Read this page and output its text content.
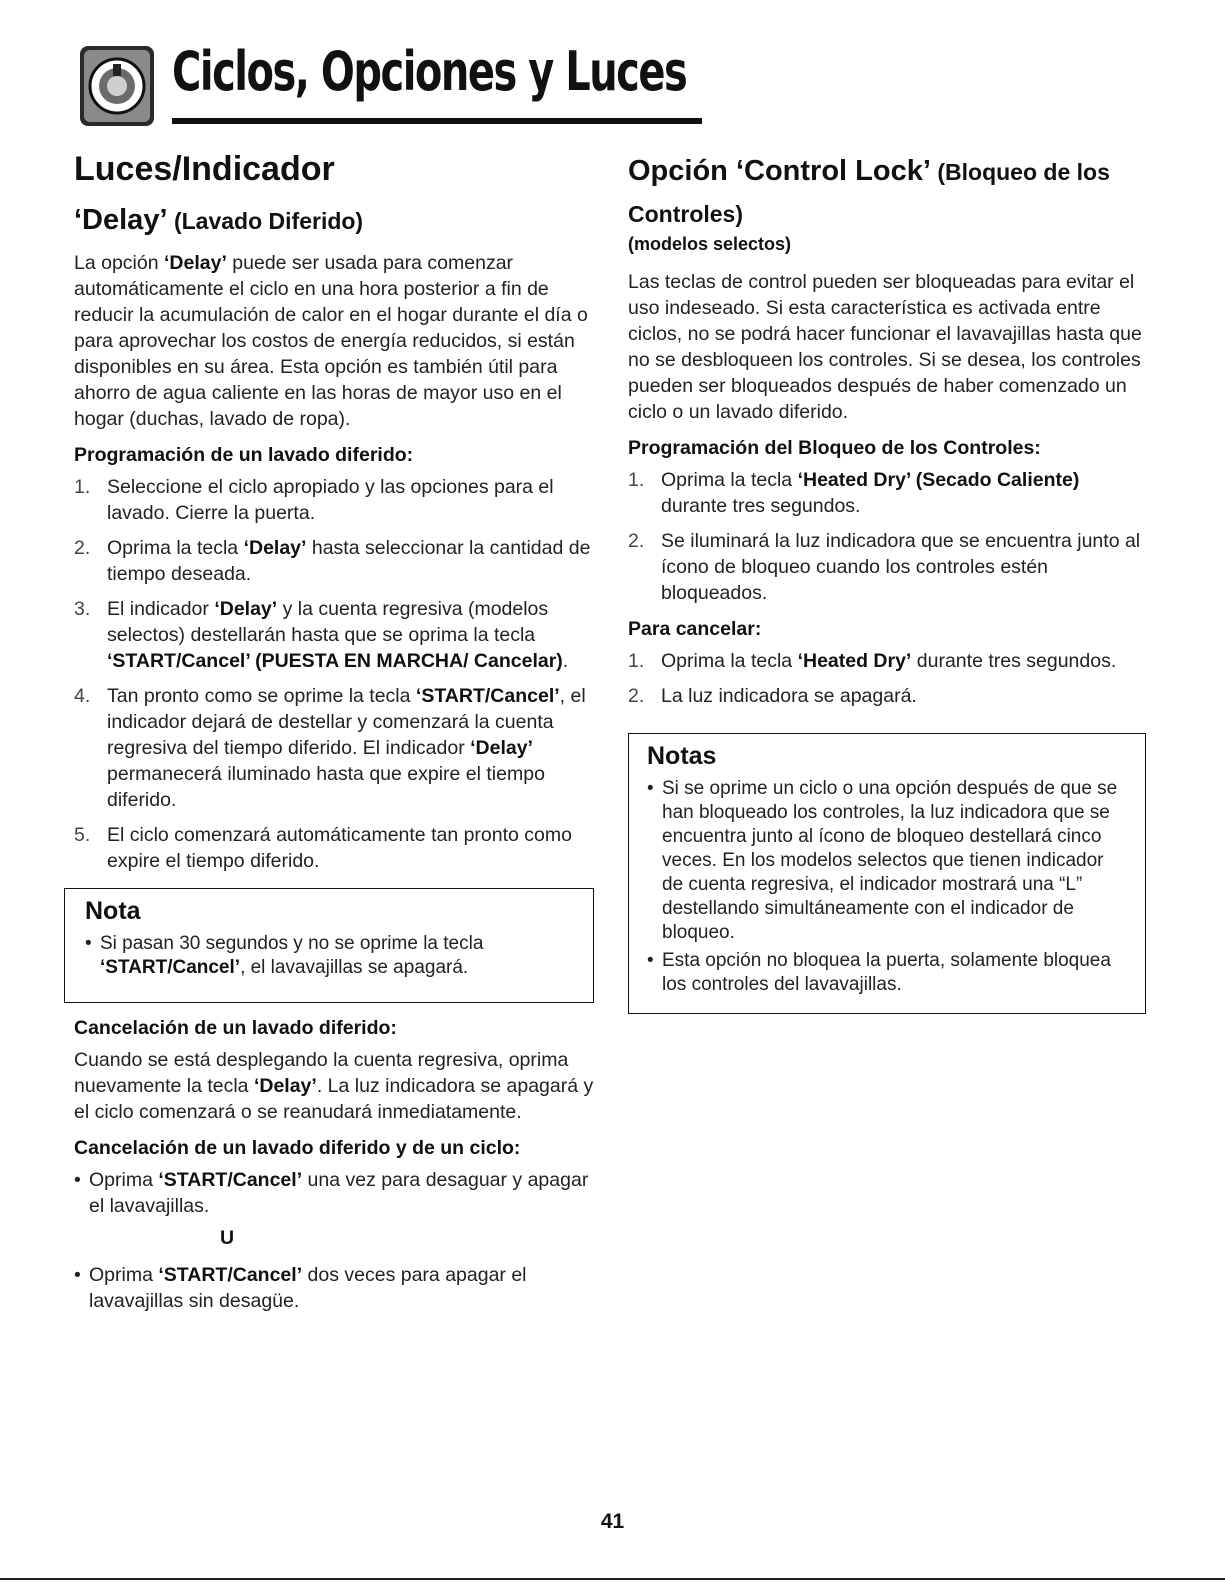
Ciclos, Opciones y Luces
Luces/Indicador
‘Delay’ (Lavado Diferido)

La opción ‘Delay’ puede ser usada para comenzar automáticamente el ciclo en una hora posterior a fin de reducir la acumulación de calor en el hogar durante el día o para aprovechar los costos de energía reducidos, si están disponibles en su área. Esta opción es también útil para ahorro de agua caliente en las horas de mayor uso en el hogar (duchas, lavado de ropa).

Programación de un lavado diferido:
1. Seleccione el ciclo apropiado y las opciones para el lavado. Cierre la puerta.
2. Oprima la tecla ‘Delay’ hasta seleccionar la cantidad de tiempo deseada.
3. El indicador ‘Delay’ y la cuenta regresiva (modelos selectos) destellarán hasta que se oprima la tecla ‘START/Cancel’ (PUESTA EN MARCHA/ Cancelar).
4. Tan pronto como se oprime la tecla ‘START/Cancel’, el indicador dejará de destellar y comenzará la cuenta regresiva del tiempo diferido. El indicador ‘Delay’ permanecerá iluminado hasta que expire el tiempo diferido.
5. El ciclo comenzará automáticamente tan pronto como expire el tiempo diferido.
Nota
• Si pasan 30 segundos y no se oprime la tecla ‘START/Cancel’, el lavavajillas se apagará.
Cancelación de un lavado diferido:

Cuando se está desplegando la cuenta regresiva, oprima nuevamente la tecla ‘Delay’. La luz indicadora se apagará y el ciclo comenzará o se reanudará inmediatamente.

Cancelación de un lavado diferido y de un ciclo:
• Oprima ‘START/Cancel’ una vez para desaguar y apagar el lavavajillas.
U
• Oprima ‘START/Cancel’ dos veces para apagar el lavavajillas sin desagüe.
Opción ‘Control Lock’ (Bloqueo de los Controles)
(modelos selectos)

Las teclas de control pueden ser bloqueadas para evitar el uso indeseado. Si esta característica es activada entre ciclos, no se podrá hacer funcionar el lavavajillas hasta que no se desbloqueen los controles. Si se desea, los controles pueden ser bloqueados después de haber comenzado un ciclo o un lavado diferido.

Programación del Bloqueo de los Controles:
1. Oprima la tecla ‘Heated Dry’ (Secado Caliente) durante tres segundos.
2. Se iluminará la luz indicadora que se encuentra junto al ícono de bloqueo cuando los controles estén bloqueados.
Para cancelar:
1. Oprima la tecla ‘Heated Dry’ durante tres segundos.
2. La luz indicadora se apagará.
Notas
• Si se oprime un ciclo o una opción después de que se han bloqueado los controles, la luz indicadora que se encuentra junto al ícono de bloqueo destellará cinco veces. En los modelos selectos que tienen indicador de cuenta regresiva, el indicador mostrará una “L” destellando simultáneamente con el indicador de bloqueo.
• Esta opción no bloquea la puerta, solamente bloquea los controles del lavavajillas.
41
